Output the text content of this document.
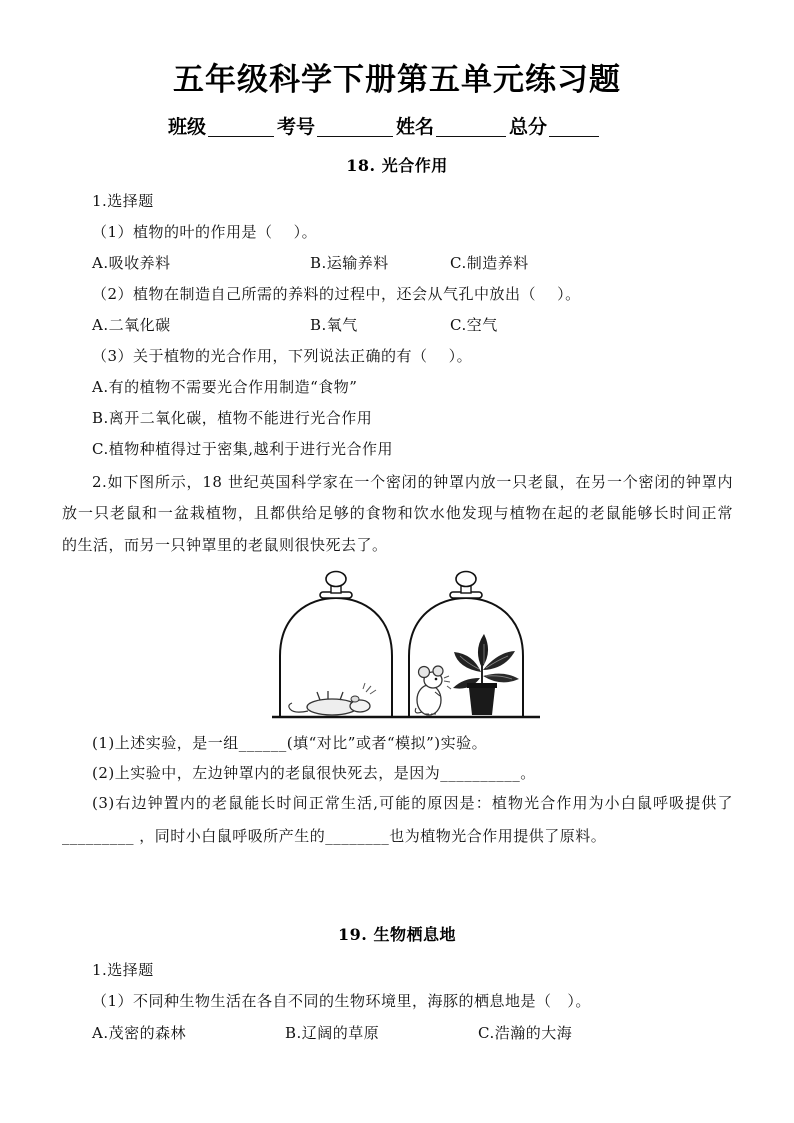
五年级科学下册第五单元练习题
班级	考号	姓名	总分
18. 光合作用
1.选择题
（1）植物的叶的作用是（    ）。
A.吸收养料	B.运输养料	C.制造养料
（2）植物在制造自己所需的养料的过程中，还会从气孔中放出（    ）。
A.二氧化碳	B.氧气	C.空气
（3）关于植物的光合作用，下列说法正确的有（    ）。
A.有的植物不需要光合作用制造“食物”
B.离开二氧化碳，植物不能进行光合作用
C.植物种植得过于密集,越利于进行光合作用
2.如下图所示，18 世纪英国科学家在一个密闭的钟罩内放一只老鼠，在另一个密闭的钟罩内
放一只老鼠和一盆栽植物，且都供给足够的食物和饮水他发现与植物在起的老鼠能够长时间正常
的生活，而另一只钟罩里的老鼠则很快死去了。
(1)上述实验，是一组______(填“对比”或者“模拟”)实验。
(2)上实验中，左边钟罩内的老鼠很快死去，是因为__________。
(3)右边钟置内的老鼠能长时间正常生活,可能的原因是：植物光合作用为小白鼠呼吸提供了
_________ ，同时小白鼠呼吸所产生的________也为植物光合作用提供了原料。
19. 生物栖息地
1.选择题
（1）不同种生物生活在各自不同的生物环境里，海豚的栖息地是（   ）。
A.茂密的森林	B.辽阔的草原	C.浩瀚的大海
